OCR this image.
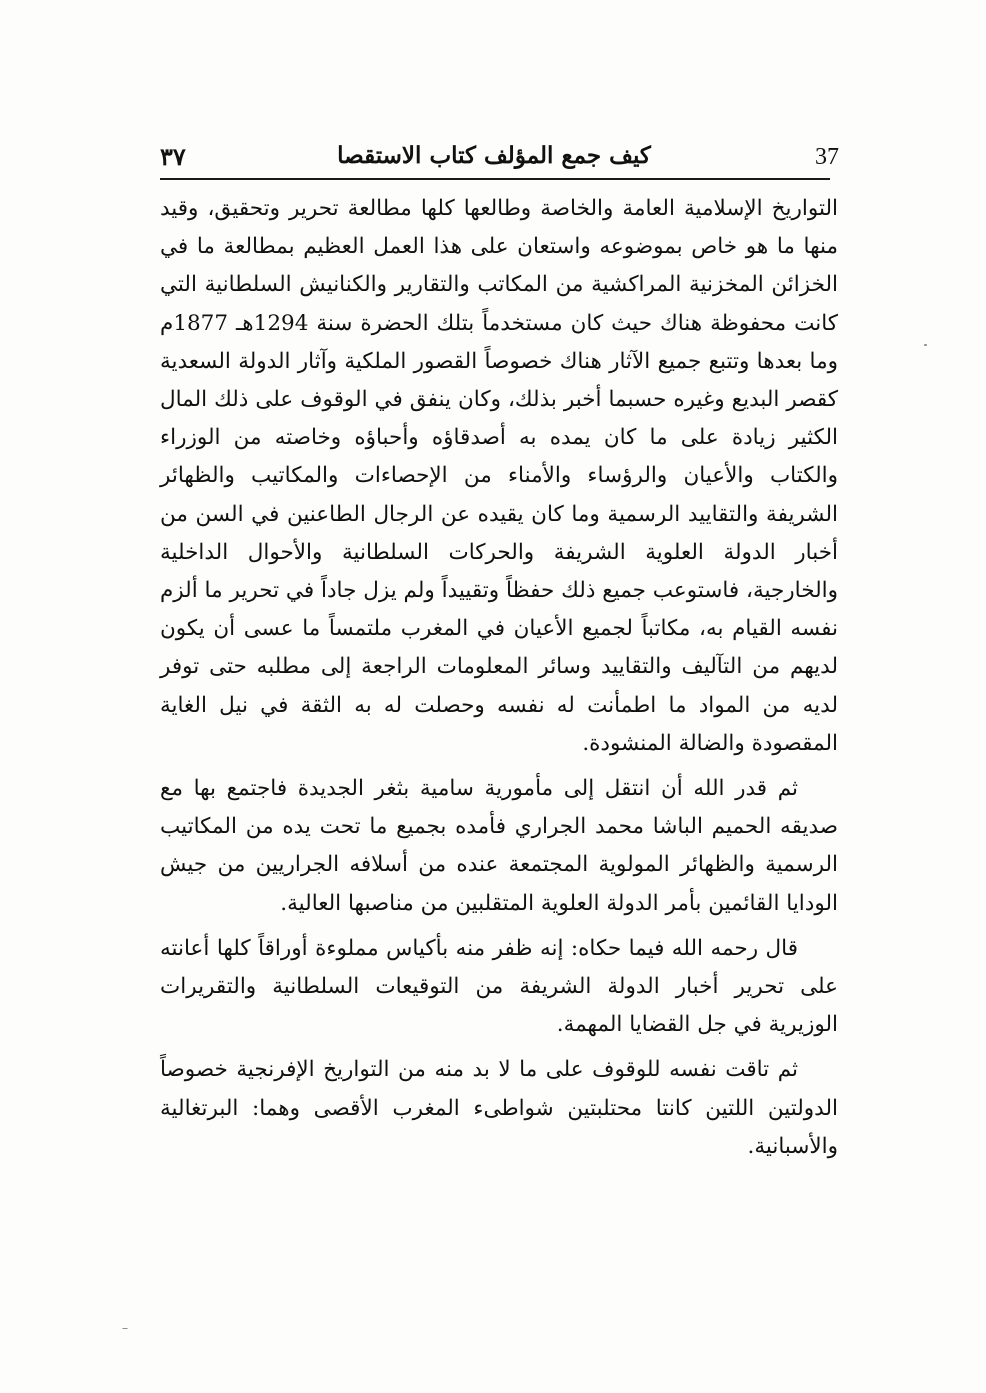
٣٧	كيف جمع المؤلف كتاب الاستقصا	37

التواريخ الإسلامية العامة والخاصة وطالعها كلها مطالعة تحرير وتحقيق، وقيد منها ما هو خاص بموضوعه واستعان على هذا العمل العظيم بمطالعة ما في الخزائن المخزنية المراكشية من المكاتب والتقارير والكنانيش السلطانية التي كانت محفوظة هناك حيث كان مستخدماً بتلك الحضرة سنة 1294هـ 1877م وما بعدها وتتبع جميع الآثار هناك خصوصاً القصور الملكية وآثار الدولة السعدية كقصر البديع وغيره حسبما أخبر بذلك، وكان ينفق في الوقوف على ذلك المال الكثير زيادة على ما كان يمده به أصدقاؤه وأحباؤه وخاصته من الوزراء والكتاب والأعيان والرؤساء والأمناء من الإحصاءات والمكاتيب والظهائر الشريفة والتقاييد الرسمية وما كان يقيده عن الرجال الطاعنين في السن من أخبار الدولة العلوية الشريفة والحركات السلطانية والأحوال الداخلية والخارجية، فاستوعب جميع ذلك حفظاً وتقييداً ولم يزل جاداً في تحرير ما ألزم نفسه القيام به، مكاتباً لجميع الأعيان في المغرب ملتمساً ما عسى أن يكون لديهم من التآليف والتقاييد وسائر المعلومات الراجعة إلى مطلبه حتى توفر لديه من المواد ما اطمأنت له نفسه وحصلت له به الثقة في نيل الغاية المقصودة والضالة المنشودة.

ثم قدر الله أن انتقل إلى مأمورية سامية بثغر الجديدة فاجتمع بها مع صديقه الحميم الباشا محمد الجراري فأمده بجميع ما تحت يده من المكاتيب الرسمية والظهائر المولوية المجتمعة عنده من أسلافه الجراريين من جيش الودايا القائمين بأمر الدولة العلوية المتقلبين من مناصبها العالية.

قال رحمه الله فيما حكاه: إنه ظفر منه بأكياس مملوءة أوراقاً كلها أعانته على تحرير أخبار الدولة الشريفة من التوقيعات السلطانية والتقريرات الوزيرية في جل القضايا المهمة.

ثم تاقت نفسه للوقوف على ما لا بد منه من التواريخ الإفرنجية خصوصاً الدولتين اللتين كانتا محتلبتين شواطىء المغرب الأقصى وهما: البرتغالية والأسبانية.
